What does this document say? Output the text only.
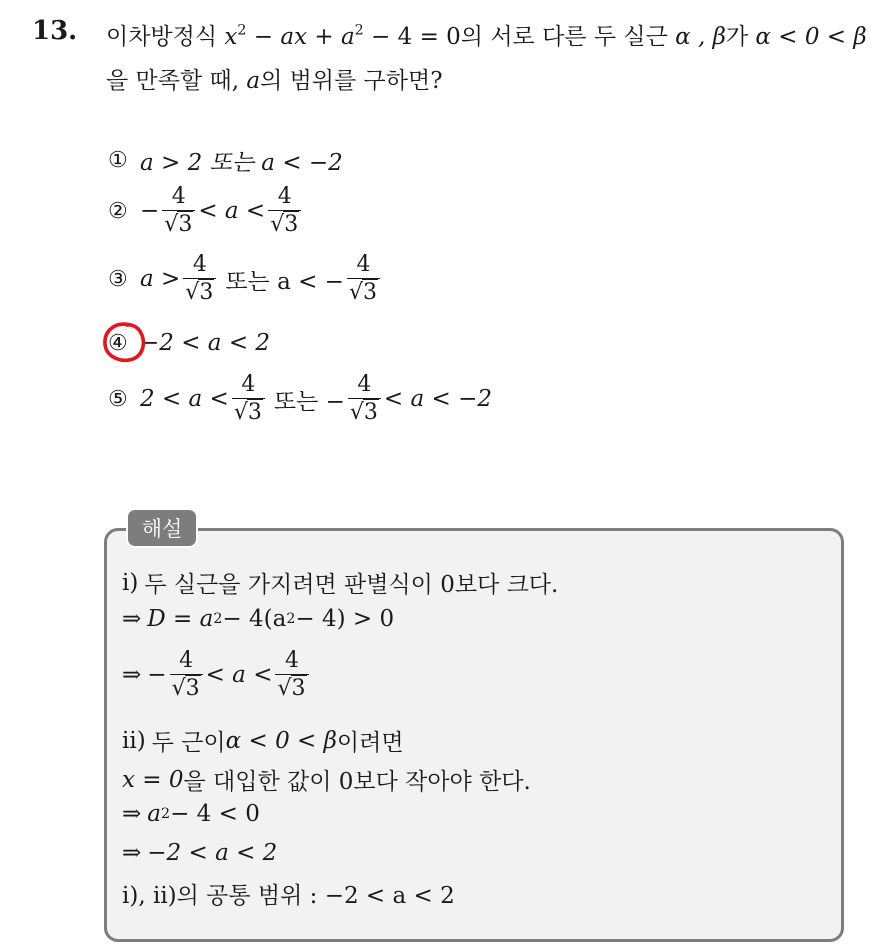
13. 이차방정식 $x^2$ − ax + $a^2 - 4 = 0$의 서로 다른 두 실근 α , β가 α < 0 < β
을 만족할 때, a의 범위를 구하면?
① a > 2 또는 a < −2
② − $\frac{4}{√3} < a < \frac{4}{√3}$
③ $a > \frac{4}{√3}$ 또는 a < − $\frac{4}{√3}$
④ −2 < a < 2
⑤ $2 < a < \frac{4}{√3}$ 또는 − $\frac{4}{√3} < a < -2$
해설
ⅰ) 두 실근을 가지려면 판별식이 0보다 크다.
⇒ D = a 2 − 4(a 2 − 4) > 0
⇒ − $\frac{4}{√3} < a < \frac{4}{√3}$
ⅱ) 두 근이 α < 0 < β 이려면
x = 0 을 대입한 값이 0보다 작아야 한다.
⇒ a 2 − 4 < 0
⇒ −2 < a < 2
ⅰ), ⅱ)의 공통 범위 : −2 < a < 2
